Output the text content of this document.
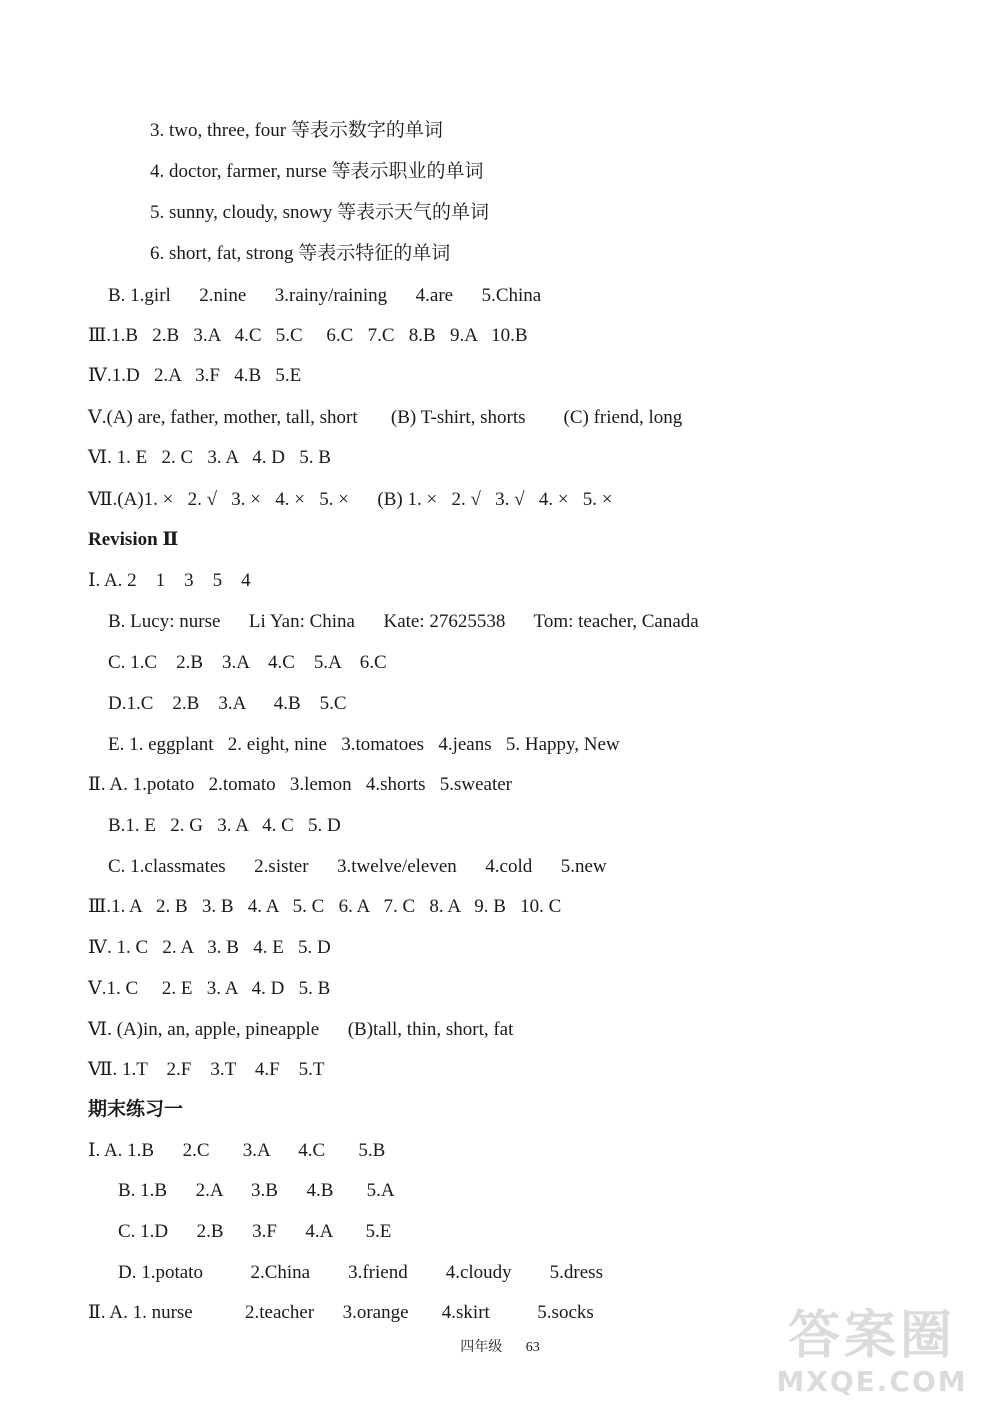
3. two, three, four 等表示数字的单词
4. doctor, farmer, nurse 等表示职业的单词
5. sunny, cloudy, snowy 等表示天气的单词
6. short, fat, strong 等表示特征的单词
B. 1.girl      2.nine      3.rainy/raining      4.are      5.China
Ⅲ.1.B   2.B   3.A   4.C   5.C     6.C   7.C   8.B   9.A   10.B
Ⅳ.1.D   2.A   3.F   4.B   5.E
Ⅴ.(A) are, father, mother, tall, short       (B) T-shirt, shorts        (C) friend, long
Ⅵ. 1. E   2. C   3. A   4. D   5. B
Ⅶ.(A)1. ×   2. √   3. ×   4. ×   5. ×      (B) 1. ×   2. √   3. √   4. ×   5. ×
Revision Ⅱ
Ⅰ. A. 2    1    3    5    4
B. Lucy: nurse      Li Yan: China      Kate: 27625538      Tom: teacher, Canada
C. 1.C    2.B    3.A    4.C    5.A    6.C
D.1.C    2.B    3.A      4.B    5.C
E. 1. eggplant   2. eight, nine   3.tomatoes   4.jeans   5. Happy, New
Ⅱ. A. 1.potato   2.tomato   3.lemon   4.shorts   5.sweater
B.1. E   2. G   3. A   4. C   5. D
C. 1.classmates      2.sister      3.twelve/eleven      4.cold      5.new
Ⅲ.1. A   2. B   3. B   4. A   5. C   6. A   7. C   8. A   9. B   10. C
Ⅳ. 1. C   2. A   3. B   4. E   5. D
Ⅴ.1. C     2. E   3. A   4. D   5. B
Ⅵ. (A)in, an, apple, pineapple      (B)tall, thin, short, fat
Ⅶ. 1.T    2.F    3.T    4.F    5.T
期末练习一
Ⅰ. A. 1.B      2.C       3.A      4.C       5.B
B. 1.B      2.A      3.B      4.B       5.A
C. 1.D      2.B      3.F      4.A       5.E
D. 1.potato          2.China        3.friend        4.cloudy        5.dress
Ⅱ. A. 1. nurse           2.teacher      3.orange       4.skirt          5.socks
四年级 63	答案圈
MXQE.COM
